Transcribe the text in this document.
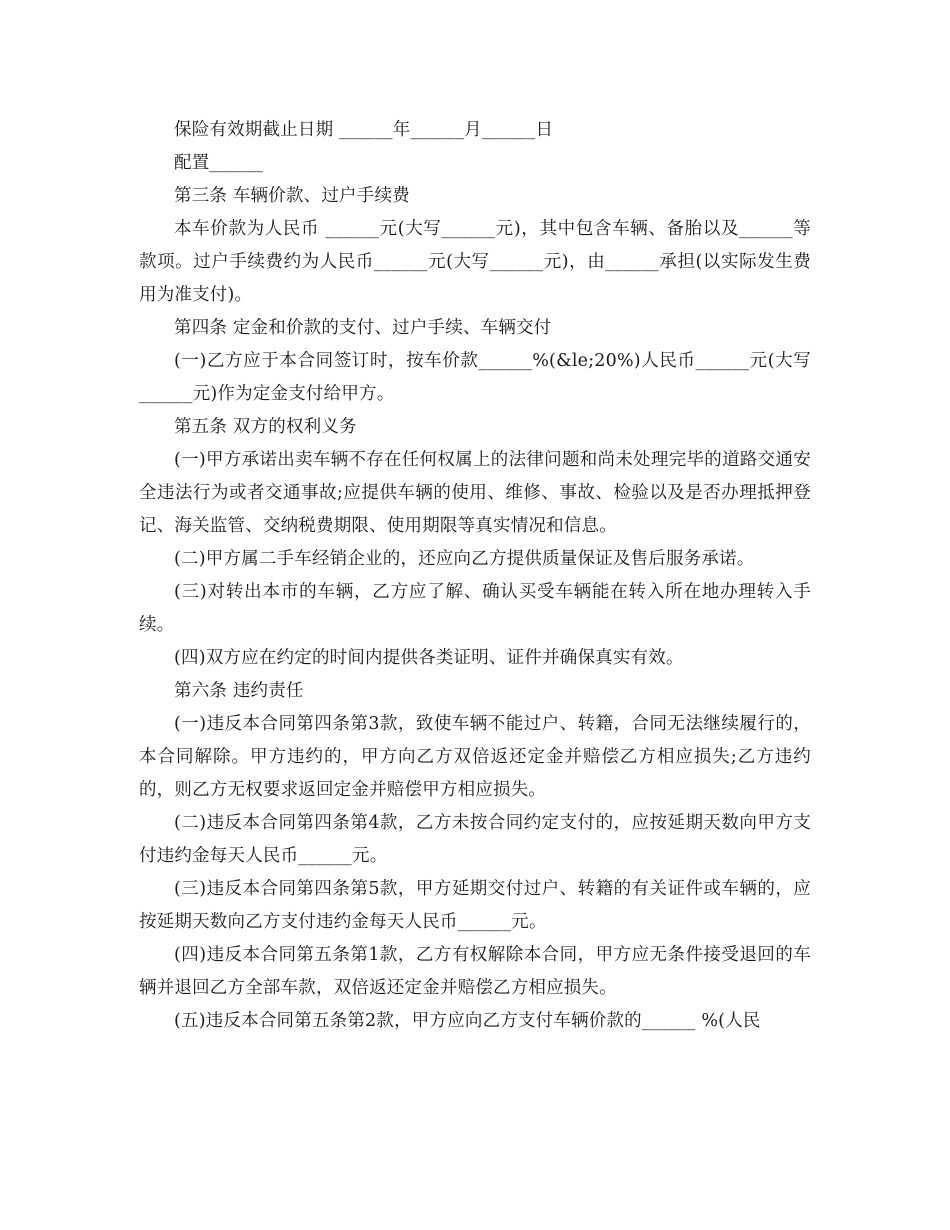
保险有效期截止日期 ______年______月______日

配置______

第三条 车辆价款、过户手续费

本车价款为人民币 ______元(大写______元)，其中包含车辆、备胎以及______等款项。过户手续费约为人民币______元(大写______元)，由______承担(以实际发生费用为准支付)。

第四条 定金和价款的支付、过户手续、车辆交付

(一)乙方应于本合同签订时，按车价款______%(&le;20%)人民币______元(大写 ______元)作为定金支付给甲方。

第五条 双方的权利义务

(一)甲方承诺出卖车辆不存在任何权属上的法律问题和尚未处理完毕的道路交通安全违法行为或者交通事故;应提供车辆的使用、维修、事故、检验以及是否办理抵押登记、海关监管、交纳税费期限、使用期限等真实情况和信息。

(二)甲方属二手车经销企业的，还应向乙方提供质量保证及售后服务承诺。

(三)对转出本市的车辆，乙方应了解、确认买受车辆能在转入所在地办理转入手续。

(四)双方应在约定的时间内提供各类证明、证件并确保真实有效。

第六条 违约责任

(一)违反本合同第四条第3款，致使车辆不能过户、转籍，合同无法继续履行的，本合同解除。甲方违约的，甲方向乙方双倍返还定金并赔偿乙方相应损失;乙方违约的，则乙方无权要求返回定金并赔偿甲方相应损失。

(二)违反本合同第四条第4款，乙方未按合同约定支付的，应按延期天数向甲方支付违约金每天人民币______元。

(三)违反本合同第四条第5款，甲方延期交付过户、转籍的有关证件或车辆的，应按延期天数向乙方支付违约金每天人民币______元。

(四)违反本合同第五条第1款，乙方有权解除本合同，甲方应无条件接受退回的车辆并退回乙方全部车款，双倍返还定金并赔偿乙方相应损失。

(五)违反本合同第五条第2款，甲方应向乙方支付车辆价款的______ %(人民
